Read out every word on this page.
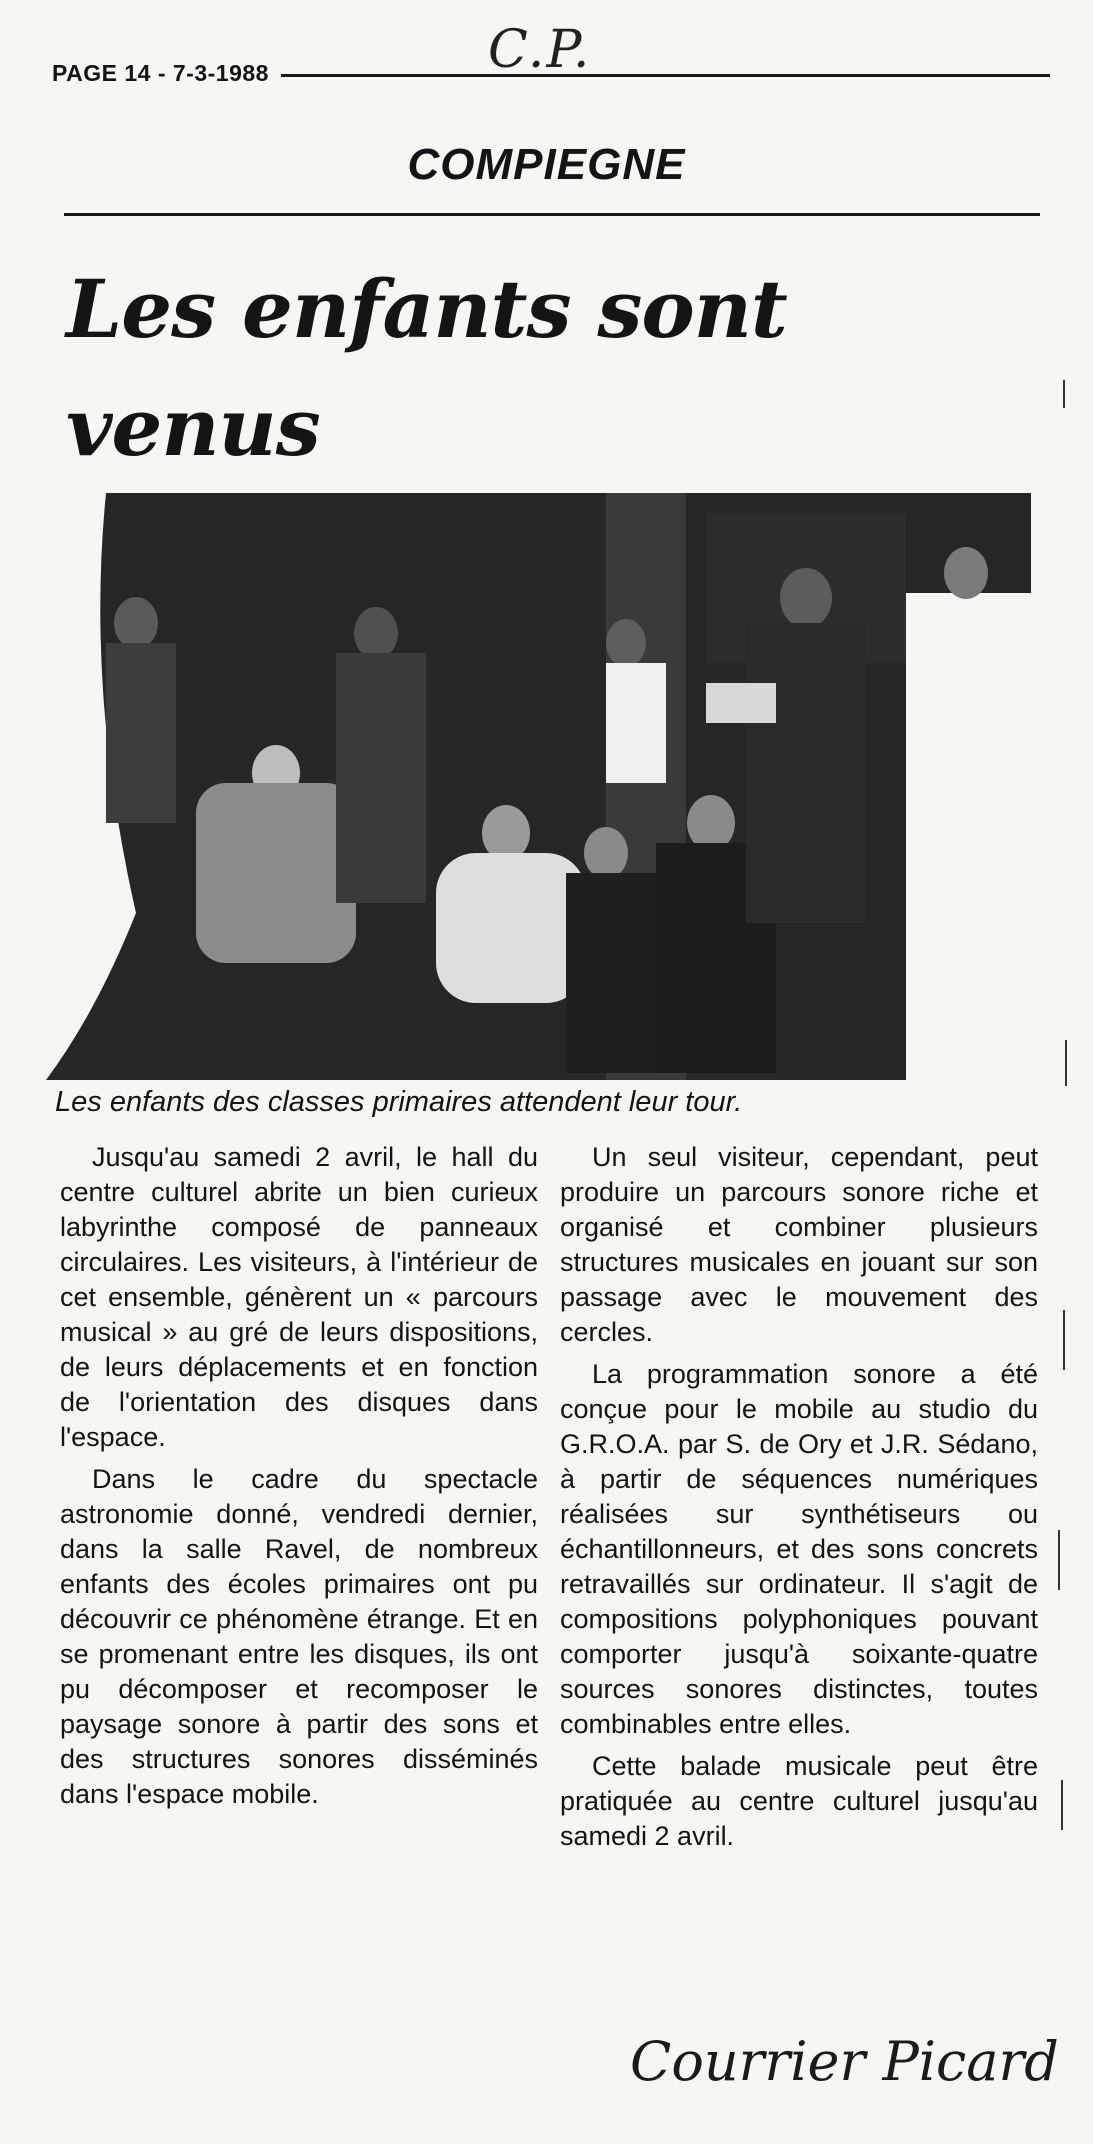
PAGE 14 - 7-3-1988	C.P.
COMPIEGNE
Les enfants sont venus
Les enfants des classes primaires attendent leur tour.

Jusqu'au samedi 2 avril, le hall du centre culturel abrite un bien curieux labyrinthe composé de panneaux circulaires. Les visiteurs, à l'intérieur de cet ensemble, génèrent un « parcours musical » au gré de leurs dispositions, de leurs déplacements et en fonction de l'orientation des disques dans l'espace.

Dans le cadre du spectacle astronomie donné, vendredi dernier, dans la salle Ravel, de nombreux enfants des écoles primaires ont pu découvrir ce phénomène étrange. Et en se promenant entre les disques, ils ont pu décomposer et recomposer le paysage sonore à partir des sons et des structures sonores disséminés dans l'espace mobile.

Un seul visiteur, cependant, peut produire un parcours sonore riche et organisé et combiner plusieurs structures musicales en jouant sur son passage avec le mouvement des cercles.

La programmation sonore a été conçue pour le mobile au studio du G.R.O.A. par S. de Ory et J.R. Sédano, à partir de séquences numériques réalisées sur synthétiseurs ou échantillonneurs, et des sons concrets retravaillés sur ordinateur. Il s'agit de compositions polyphoniques pouvant comporter jusqu'à soixante-quatre sources sonores distinctes, toutes combinables entre elles.

Cette balade musicale peut être pratiquée au centre culturel jusqu'au samedi 2 avril.

Courrier Picard
